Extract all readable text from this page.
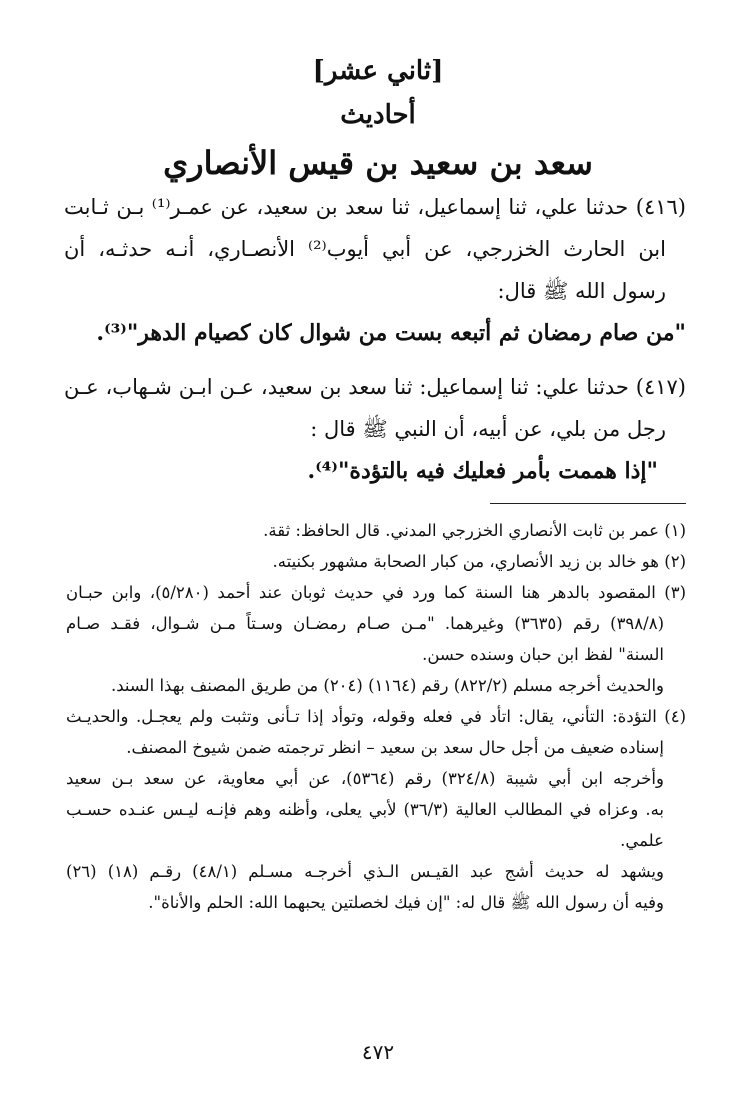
[ثاني عشر]
أحاديث
سعد بن سعيد بن قيس الأنصاري
(٤١٦) حدثنا علي، ثنا إسماعيل، ثنا سعد بن سعيد، عن عمـر⁽¹⁾ بـن ثـابت
ابن الحارث الخزرجي، عن أبي أيوب⁽²⁾ الأنصـاري، أنـه حدثـه، أن
رسول الله ﷺ قال:
"من صام رمضان ثم أتبعه بست من شوال كان كصيام الدهر"⁽³⁾.
(٤١٧) حدثنا علي: ثنا إسماعيل: ثنا سعد بن سعيد، عـن ابـن شـهاب، عـن
رجل من بلي، عن أبيه، أن النبي ﷺ قال :
"إذا هممت بأمر فعليك فيه بالتؤدة"⁽⁴⁾.
(١) عمر بن ثابت الأنصاري الخزرجي المدني. قال الحافظ: ثقة.
(٢) هو خالد بن زيد الأنصاري، من كبار الصحابة مشهور بكنيته.
(٣) المقصود بالدهر هنا السنة كما ورد في حديث ثوبان عند أحمد (٥/٢٨٠)، وابن حبـان
(٣٩٨/٨) رقم (٣٦٣٥) وغيرهما. "مـن صـام رمضـان وسـتاً مـن شـوال، فقـد صـام
السنة" لفظ ابن حبان وسنده حسن.
والحديث أخرجه مسلم (٨٢٢/٢) رقم (١١٦٤) (٢٠٤) من طريق المصنف بهذا السند.
(٤) التؤدة: التأني، يقال: اتأد في فعله وقوله، وتوأد إذا تـأنى وتثبت ولم يعجـل. والحديـث
إسناده ضعيف من أجل حال سعد بن سعيد – انظر ترجمته ضمن شيوخ المصنف.
وأخرجه ابن أبي شيبة (٣٢٤/٨) رقم (٥٣٦٤)، عن أبي معاوية، عن سعد بـن سعيد
به. وعزاه في المطالب العالية (٣٦/٣) لأبي يعلى، وأظنه وهم فإنـه ليـس عنـده حسـب
علمي.
ويشهد له حديث أشج عبد القيـس الـذي أخرجـه مسـلم (٤٨/١) رقـم (١٨) (٢٦)
وفيه أن رسول الله ﷺ قال له: "إن فيك لخصلتين يحبهما الله: الحلم والأناة".
٤٧٢
